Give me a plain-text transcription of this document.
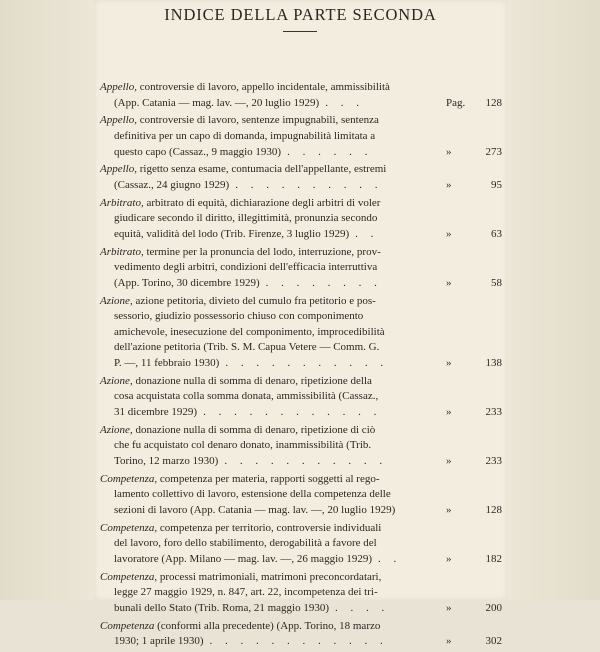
INDICE DELLA PARTE SECONDA
Appello, controversie di lavoro, appello incidentale, ammissibilità
(App. Catania — mag. lav. —, 20 luglio 1929) . . .	Pag. 128
Appello, controversie di lavoro, sentenze impugnabili, sentenza
definitiva per un capo di domanda, impugnabilità limitata a
questo capo (Cassaz., 9 maggio 1930) . . . . . .	»	273
Appello, rigetto senza esame, contumacia dell'appellante, estremi
(Cassaz., 24 giugno 1929) . . . . . . . . . .	»	95
Arbitrato, arbitrato di equità, dichiarazione degli arbitri di voler
giudicare secondo il diritto, illegittimità, pronunzia secondo
equità, validità del lodo (Trib. Firenze, 3 luglio 1929) . .	»	63
Arbitrato, termine per la pronuncia del lodo, interruzione, prov-
vedimento degli arbitri, condizioni dell'efficacia interruttiva
(App. Torino, 30 dicembre 1929) . . . . . . . .	»	58
Azione, azione petitoria, divieto del cumulo fra petitorio e pos-
sessorio, giudizio possessorio chiuso con componimento
amichevole, inesecuzione del componimento, improcedibilità
dell'azione petitoria (Trib. S. M. Capua Vetere — Comm. G.
P. —, 11 febbraio 1930) . . . . . . . . . . .	»	138
Azione, donazione nulla di somma di denaro, ripetizione della
cosa acquistata colla somma donata, ammissibilità (Cassaz.,
31 dicembre 1929) . . . . . . . . . . . .	»	233
Azione, donazione nulla di somma di denaro, ripetizione di ciò
che fu acquistato col denaro donato, inammissibilità (Trib.
Torino, 12 marzo 1930) . . . . . . . . . . .	»	233
Competenza, competenza per materia, rapporti soggetti al rego-
lamento collettivo di lavoro, estensione della competenza delle
sezioni di lavoro (App. Catania — mag. lav. —, 20 luglio 1929)	»	128
Competenza, competenza per territorio, controversie individuali
del lavoro, foro dello stabilimento, derogabilità a favore del
lavoratore (App. Milano — mag. lav. —, 26 maggio 1929) . .	»	182
Competenza, processi matrimoniali, matrimoni preconcordatari,
legge 27 maggio 1929, n. 847, art. 22, incompetenza dei tri-
bunali dello Stato (Trib. Roma, 21 maggio 1930) . . . .	»	200
Competenza (conformi alla precedente) (App. Torino, 18 marzo
1930; 1 aprile 1930) . . . . . . . . . . . .	»	302
